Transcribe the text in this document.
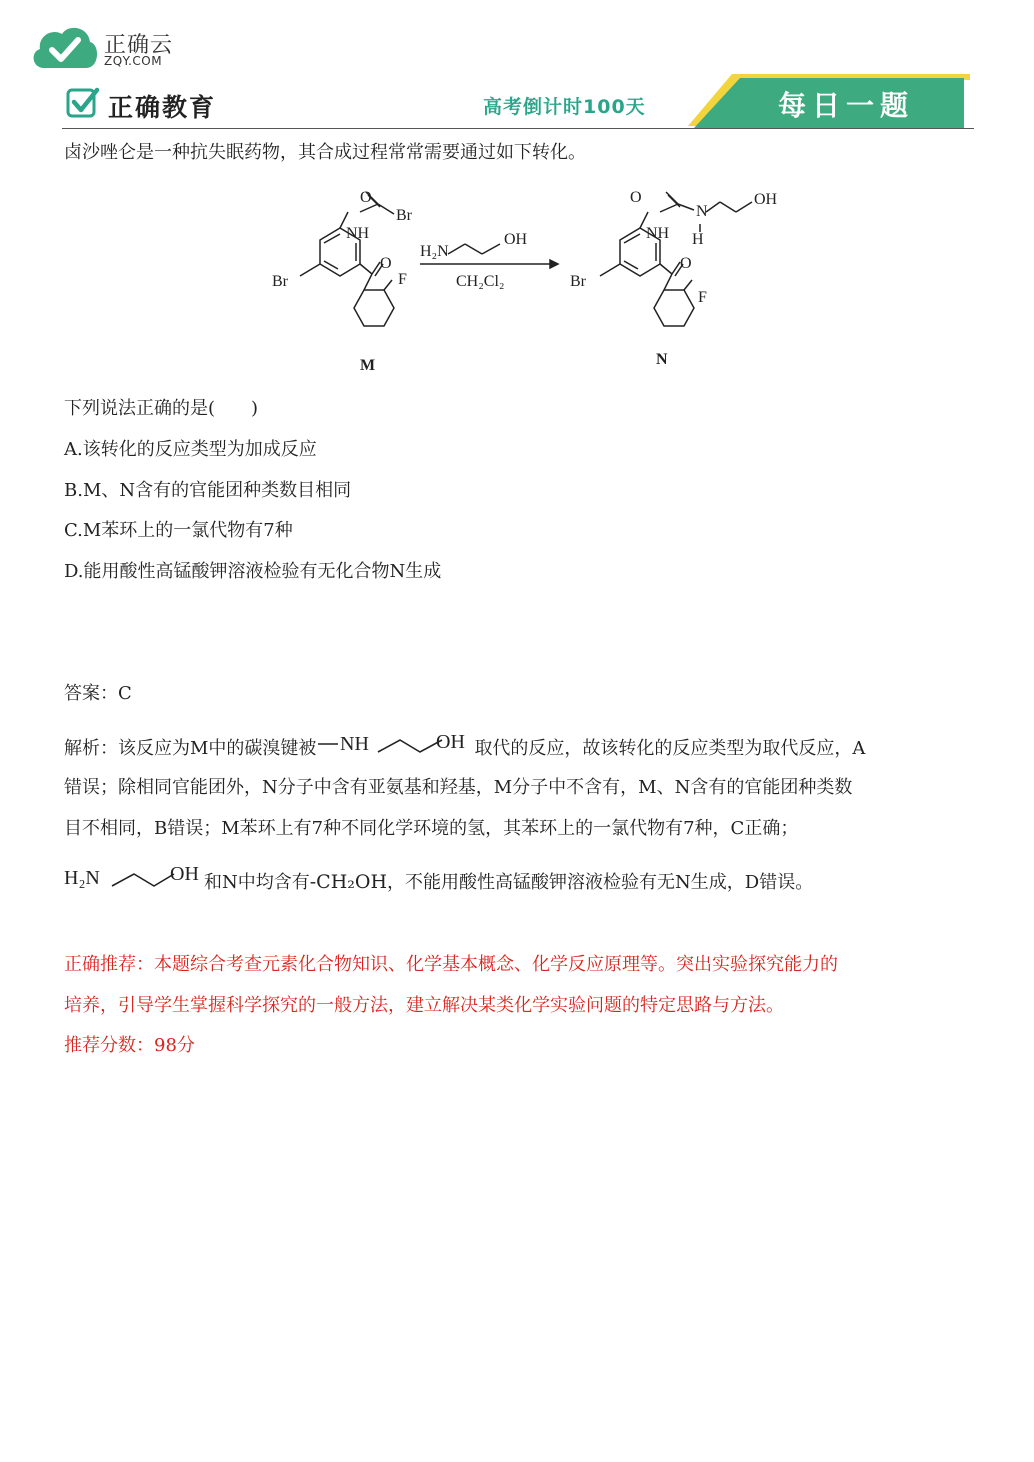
正确云
ZQY.COM
正确教育	高考倒计时100天	每日一题
卤沙唑仑是一种抗失眠药物，其合成过程常常需要通过如下转化。
O
Br
NH
Br
O
F
M
H₂N
OH
CH₂Cl₂
O
N
H
OH
NH
Br
O
F
N
下列说法正确的是(　　)
A.该转化的反应类型为加成反应
B.M、N含有的官能团种类数目相同
C.M苯环上的一氯代物有7种
D.能用酸性高锰酸钾溶液检验有无化合物N生成
答案：C
解析：该反应为M中的碳溴键被 NH	OH 取代的反应，故该转化的反应类型为取代反应，A
错误；除相同官能团外，N分子中含有亚氨基和羟基，M分子中不含有，M、N含有的官能团种类数
目不相同，B错误；M苯环上有7种不同化学环境的氢，其苯环上的一氯代物有7种，C正确；
H₂N	OH 和N中均含有-CH₂OH，不能用酸性高锰酸钾溶液检验有无N生成，D错误。
正确推荐：本题综合考查元素化合物知识、化学基本概念、化学反应原理等。突出实验探究能力的
培养，引导学生掌握科学探究的一般方法，建立解决某类化学实验问题的特定思路与方法。
推荐分数：98分
